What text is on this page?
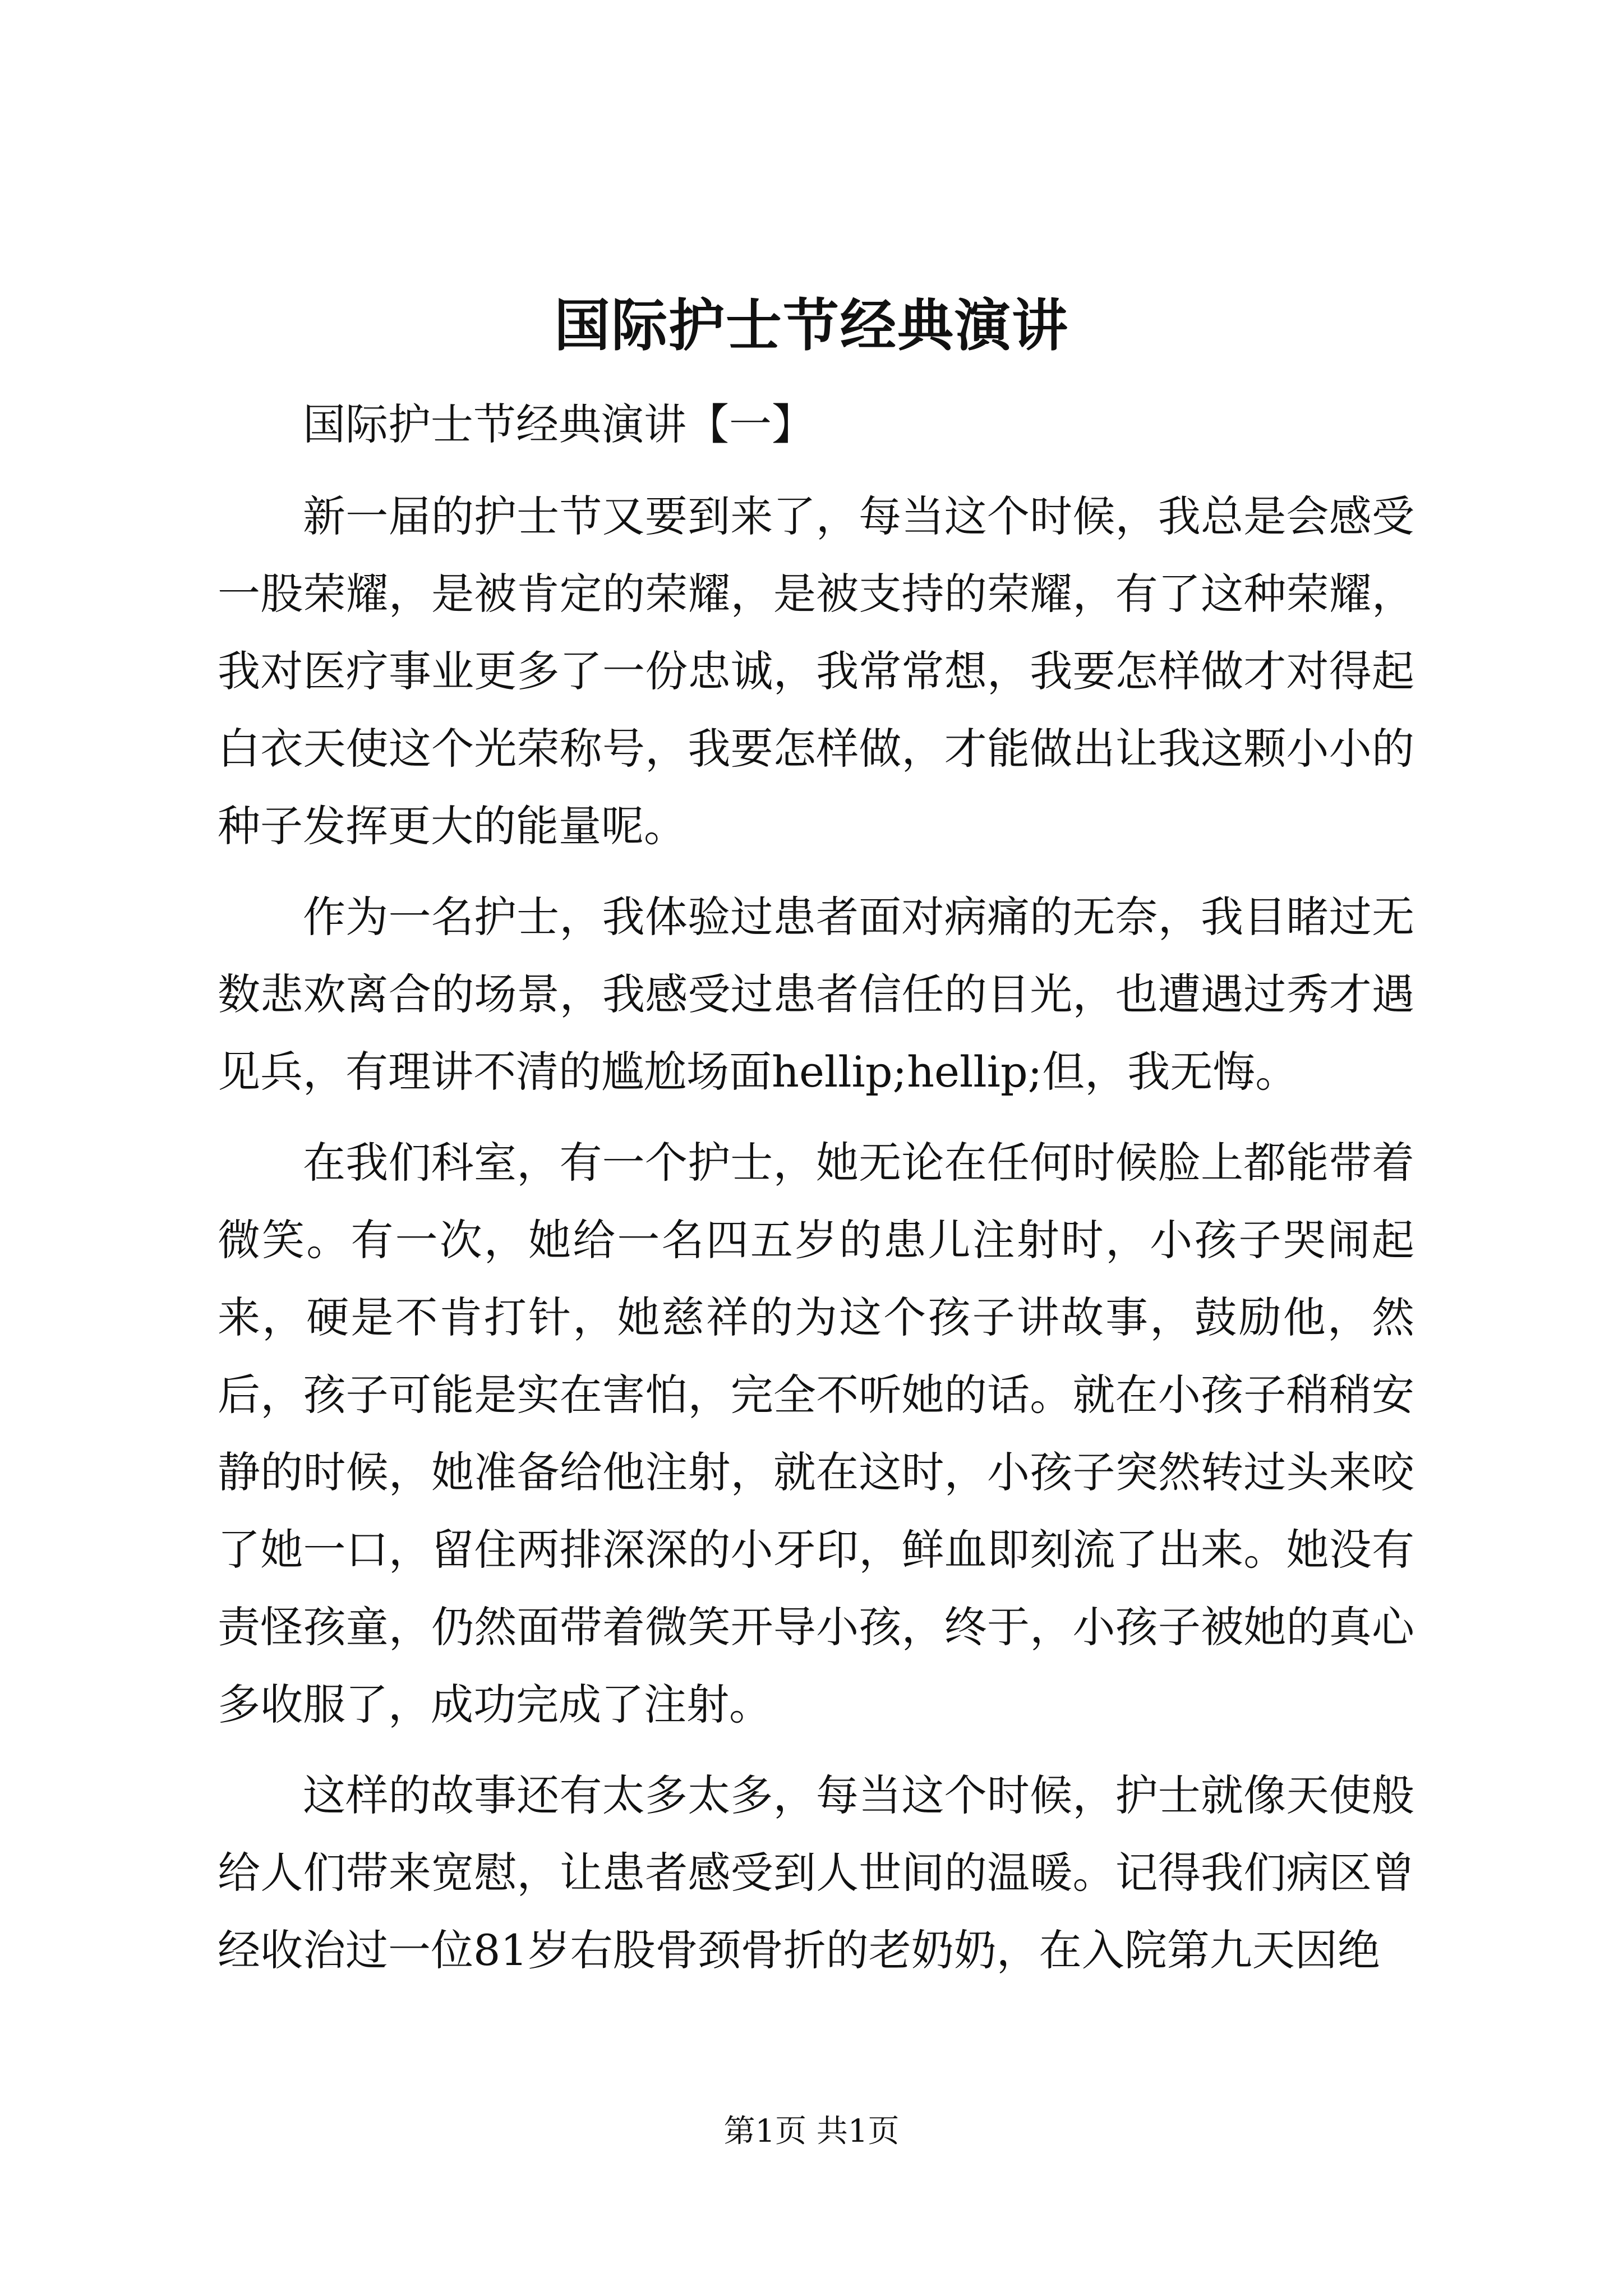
国际护士节经典演讲

国际护士节经典演讲【一】

新一届的护士节又要到来了，每当这个时候，我总是会感受一股荣耀，是被肯定的荣耀，是被支持的荣耀，有了这种荣耀，我对医疗事业更多了一份忠诚，我常常想，我要怎样做才对得起白衣天使这个光荣称号，我要怎样做，才能做出让我这颗小小的种子发挥更大的能量呢。

作为一名护士，我体验过患者面对病痛的无奈，我目睹过无数悲欢离合的场景，我感受过患者信任的目光，也遭遇过秀才遇见兵，有理讲不清的尴尬场面hellip;hellip;但，我无悔。

在我们科室，有一个护士，她无论在任何时候脸上都能带着微笑。有一次，她给一名四五岁的患儿注射时，小孩子哭闹起来，硬是不肯打针，她慈祥的为这个孩子讲故事，鼓励他，然后，孩子可能是实在害怕，完全不听她的话。就在小孩子稍稍安静的时候，她准备给他注射，就在这时，小孩子突然转过头来咬了她一口，留住两排深深的小牙印，鲜血即刻流了出来。她没有责怪孩童，仍然面带着微笑开导小孩，终于，小孩子被她的真心多收服了，成功完成了注射。

这样的故事还有太多太多，每当这个时候，护士就像天使般给人们带来宽慰，让患者感受到人世间的温暖。记得我们病区曾经收治过一位81岁右股骨颈骨折的老奶奶，在入院第九天因绝

第1页 共1页
